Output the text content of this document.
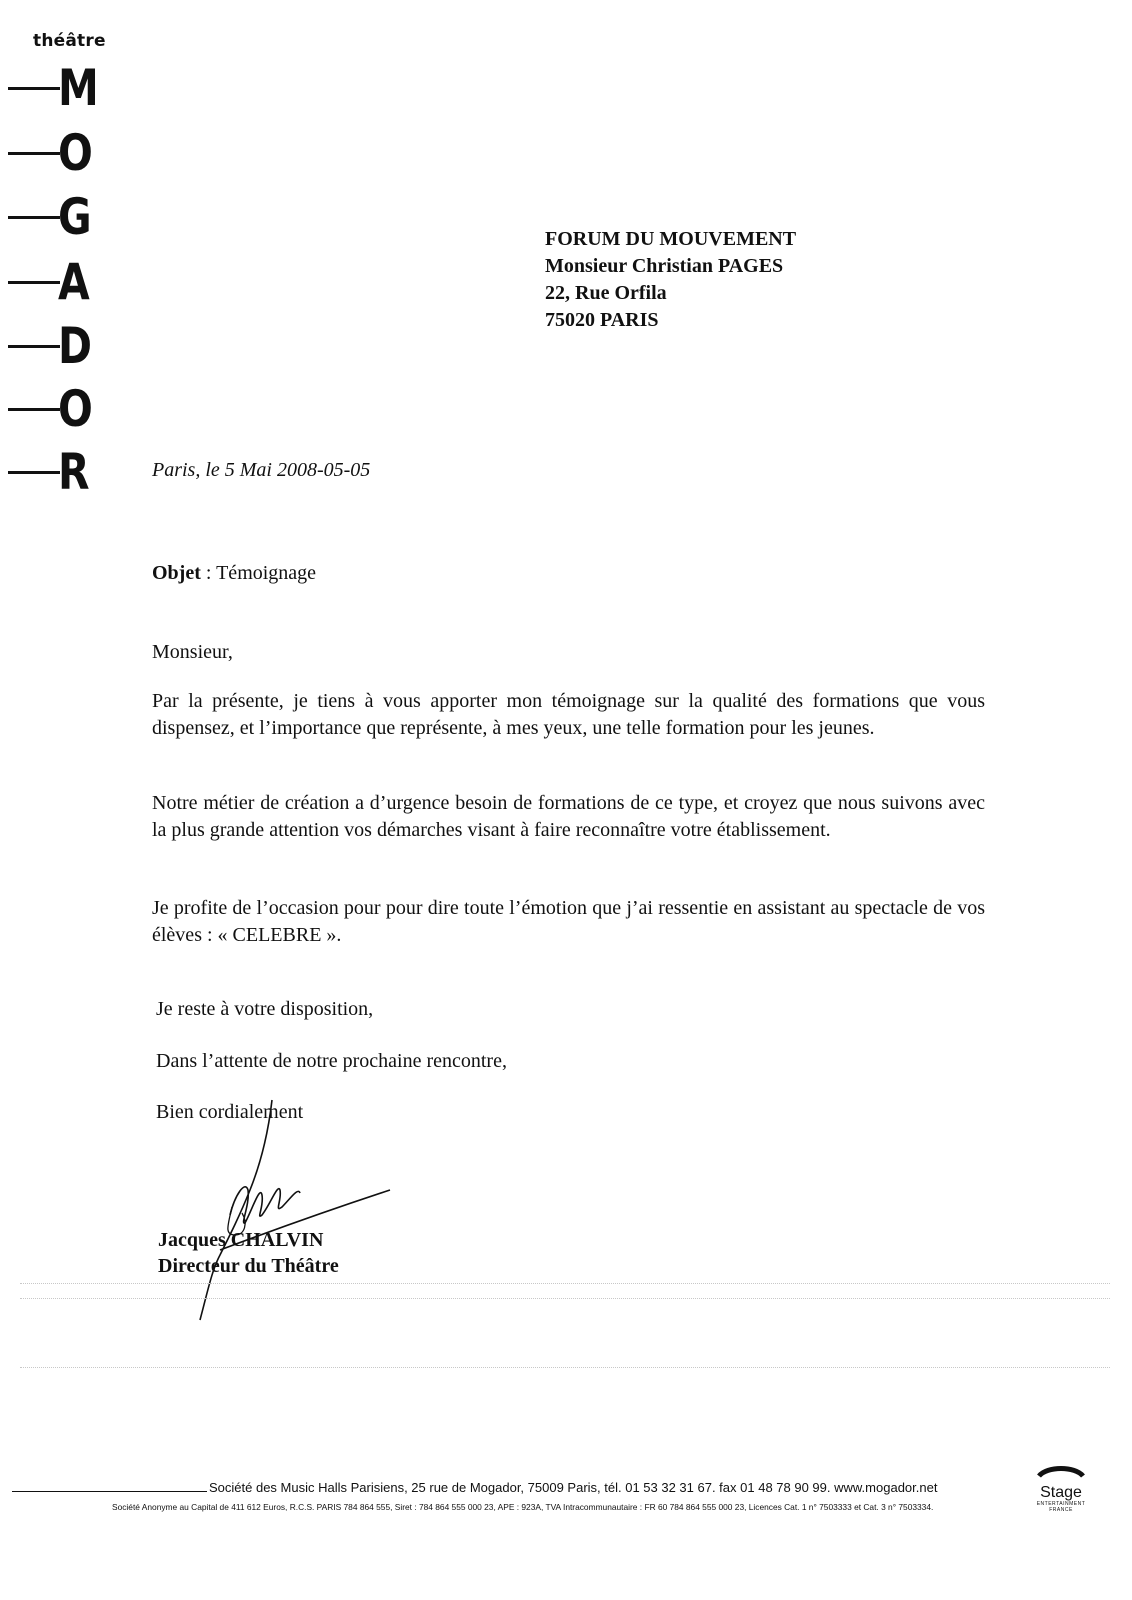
théâtre
M
O
G
A
D
O
R
FORUM DU MOUVEMENT
Monsieur Christian PAGES
22, Rue Orfila
75020 PARIS
Paris, le 5 Mai 2008-05-05
Objet : Témoignage
Monsieur,
Par la présente, je tiens à vous apporter mon témoignage sur la qualité des formations que vous dispensez, et l’importance que représente, à mes yeux, une telle formation pour les jeunes.
Notre métier de création a d’urgence besoin de formations de ce type, et croyez que nous suivons avec la plus grande attention vos démarches visant à faire reconnaître votre établissement.
Je profite de l’occasion pour pour dire toute l’émotion que j’ai ressentie en assistant au spectacle de vos élèves : « CELEBRE ».
Je reste à votre disposition,
Dans l’attente de notre prochaine rencontre,
Bien cordialement
Jacques CHALVIN
Directeur du Théâtre
Société des Music Halls Parisiens, 25 rue de Mogador, 75009 Paris, tél. 01 53 32 31 67. fax 01 48 78 90 99. www.mogador.net
Société Anonyme au Capital de 411 612 Euros, R.C.S. PARIS 784 864 555, Siret : 784 864 555 000 23, APE : 923A, TVA Intracommunautaire : FR 60 784 864 555 000 23, Licences Cat. 1 n° 7503333 et Cat. 3 n° 7503334.
Stage
ENTERTAINMENT
FRANCE
